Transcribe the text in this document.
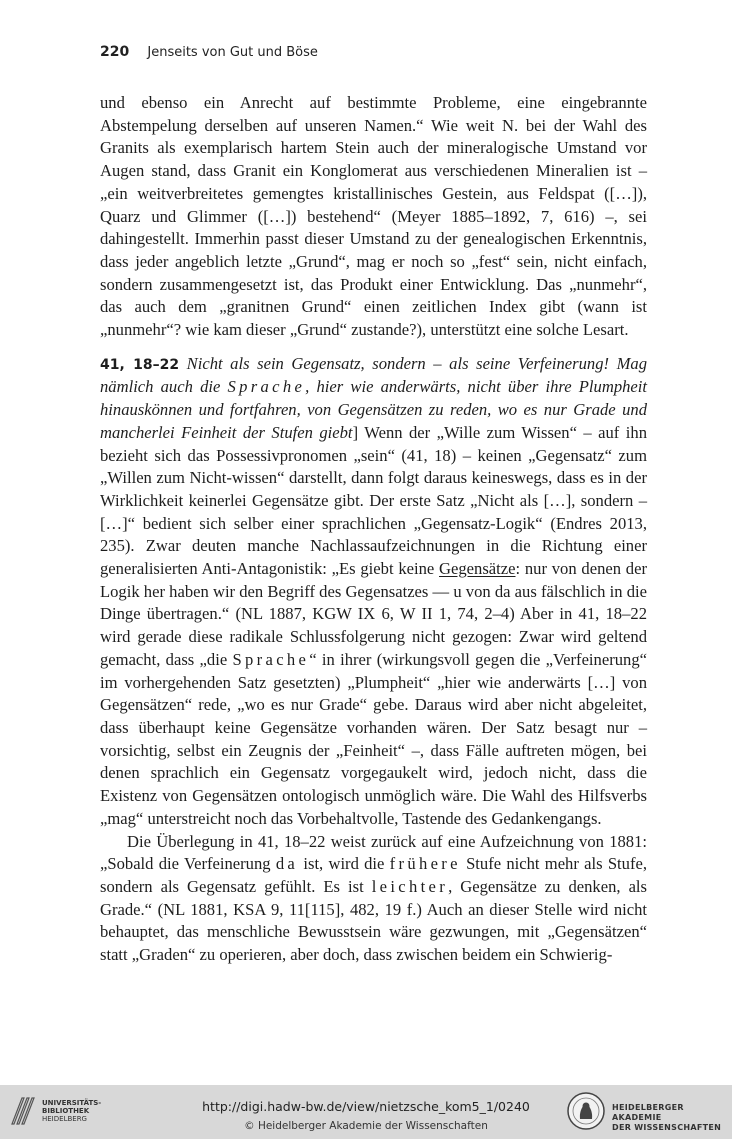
220 Jenseits von Gut und Böse

und ebenso ein Anrecht auf bestimmte Probleme, eine eingebrannte Abstempelung derselben auf unseren Namen.“ Wie weit N. bei der Wahl des Granits als exemplarisch hartem Stein auch der mineralogische Umstand vor Augen stand, dass Granit ein Konglomerat aus verschiedenen Mineralien ist – „ein weitverbreitetes gemengtes kristallinisches Gestein, aus Feldspat ([…]), Quarz und Glimmer ([…]) bestehend“ (Meyer 1885–1892, 7, 616) –, sei dahingestellt. Immerhin passt dieser Umstand zu der genealogischen Erkenntnis, dass jeder angeblich letzte „Grund“, mag er noch so „fest“ sein, nicht einfach, sondern zusammengesetzt ist, das Produkt einer Entwicklung. Das „nunmehr“, das auch dem „granitnen Grund“ einen zeitlichen Index gibt (wann ist „nunmehr“? wie kam dieser „Grund“ zustande?), unterstützt eine solche Lesart.

41, 18–22 Nicht als sein Gegensatz, sondern – als seine Verfeinerung! Mag nämlich auch die Sprache, hier wie anderwärts, nicht über ihre Plumpheit hinauskönnen und fortfahren, von Gegensätzen zu reden, wo es nur Grade und mancherlei Feinheit der Stufen giebt] Wenn der „Wille zum Wissen“ – auf ihn bezieht sich das Possessivpronomen „sein“ (41, 18) – keinen „Gegensatz“ zum „Willen zum Nicht-wissen“ darstellt, dann folgt daraus keineswegs, dass es in der Wirklichkeit keinerlei Gegensätze gibt. Der erste Satz „Nicht als […], sondern – […]“ bedient sich selber einer sprachlichen „Gegensatz-Logik“ (Endres 2013, 235). Zwar deuten manche Nachlassaufzeichnungen in die Richtung einer generalisierten Anti-Antagonistik: „Es giebt keine Gegensätze: nur von denen der Logik her haben wir den Begriff des Gegensatzes — u von da aus fälschlich in die Dinge übertragen.“ (NL 1887, KGW IX 6, W II 1, 74, 2–4) Aber in 41, 18–22 wird gerade diese radikale Schlussfolgerung nicht gezogen: Zwar wird geltend gemacht, dass „die Sprache“ in ihrer (wirkungsvoll gegen die „Verfeinerung“ im vorhergehenden Satz gesetzten) „Plumpheit“ „hier wie anderwärts […] von Gegensätzen“ rede, „wo es nur Grade“ gebe. Daraus wird aber nicht abgeleitet, dass überhaupt keine Gegensätze vorhanden wären. Der Satz besagt nur – vorsichtig, selbst ein Zeugnis der „Feinheit“ –, dass Fälle auftreten mögen, bei denen sprachlich ein Gegensatz vorgegaukelt wird, jedoch nicht, dass die Existenz von Gegensätzen ontologisch unmöglich wäre. Die Wahl des Hilfsverbs „mag“ unterstreicht noch das Vorbehaltvolle, Tastende des Gedankengangs.

Die Überlegung in 41, 18–22 weist zurück auf eine Aufzeichnung von 1881: „Sobald die Verfeinerung da ist, wird die frühere Stufe nicht mehr als Stufe, sondern als Gegensatz gefühlt. Es ist leichter, Gegensätze zu denken, als Grade.“ (NL 1881, KSA 9, 11[115], 482, 19 f.) Auch an dieser Stelle wird nicht behauptet, das menschliche Bewusstsein wäre gezwungen, mit „Gegensätzen“ statt „Graden“ zu operieren, aber doch, dass zwischen beidem ein Schwierig-

UNIVERSITÄTS-
BIBLIOTHEK
HEIDELBERG
http://digi.hadw-bw.de/view/nietzsche_kom5_1/0240
© Heidelberger Akademie der Wissenschaften
HEIDELBERGER AKADEMIE
DER WISSENSCHAFTEN
